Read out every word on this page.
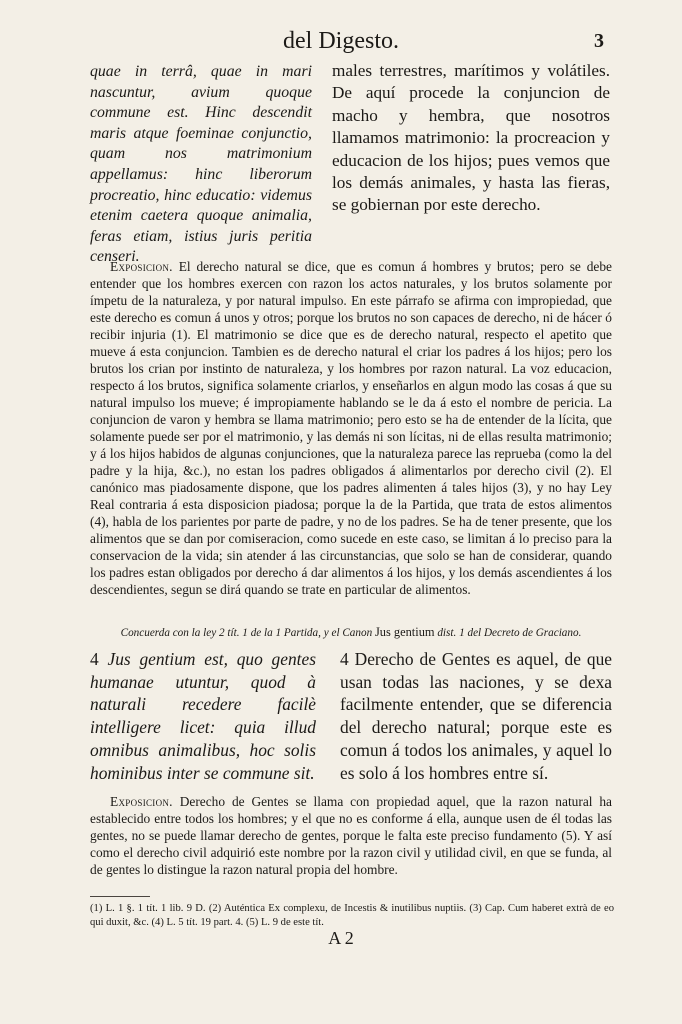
del Digesto.	3

quae in terrâ, quae in mari nascuntur, avium quoque commune est. Hinc descendit maris atque foeminae conjunctio, quam nos matrimonium appellamus: hinc liberorum procreatio, hinc educatio: videmus etenim caetera quoque animalia, feras etiam, istius juris peritia censeri.

males terrestres, marítimos y volátiles. De aquí procede la conjuncion de macho y hembra, que nosotros llamamos matrimonio: la procreacion y educacion de los hijos; pues vemos que los demás animales, y hasta las fieras, se gobiernan por este derecho.

Exposicion. El derecho natural se dice, que es comun á hombres y brutos; pero se debe entender que los hombres exercen con razon los actos naturales, y los brutos solamente por ímpetu de la naturaleza, y por natural impulso. En este párrafo se afirma con impropiedad, que este derecho es comun á unos y otros; porque los brutos no son capaces de derecho, ni de hácer ó recibir injuria (1). El matrimonio se dice que es de derecho natural, respecto el apetito que mueve á esta conjuncion. Tambien es de derecho natural el criar los padres á los hijos; pero los brutos los crian por instinto de naturaleza, y los hombres por razon natural. La voz educacion, respecto á los brutos, significa solamente criarlos, y enseñarlos en algun modo las cosas á que su natural impulso los mueve; é impropiamente hablando se le da á esto el nombre de pericia. La conjuncion de varon y hembra se llama matrimonio; pero esto se ha de entender de la lícita, que solamente puede ser por el matrimonio, y las demás ni son lícitas, ni de ellas resulta matrimonio; y á los hijos habidos de algunas conjunciones, que la naturaleza parece las reprueba (como la del padre y la hija, &c.), no estan los padres obligados á alimentarlos por derecho civil (2). El canónico mas piadosamente dispone, que los padres alimenten á tales hijos (3), y no hay Ley Real contraria á esta disposicion piadosa; porque la de la Partida, que trata de estos alimentos (4), habla de los parientes por parte de padre, y no de los padres. Se ha de tener presente, que los alimentos que se dan por comiseracion, como sucede en este caso, se limitan á lo preciso para la conservacion de la vida; sin atender á las circunstancias, que solo se han de considerar, quando los padres estan obligados por derecho á dar alimentos á los hijos, y los demás ascendientes á los descendientes, segun se dirá quando se trate en particular de alimentos.
Concuerda con la ley 2 tít. 1 de la 1 Partida, y el Canon Jus gentium dist. 1 del Decreto de Graciano.

4 Jus gentium est, quo gentes humanae utuntur, quod à naturali recedere facilè intelligere licet: quia illud omnibus animalibus, hoc solis hominibus inter se commune sit.

4 Derecho de Gentes es aquel, de que usan todas las naciones, y se dexa facilmente entender, que se diferencia del derecho natural; porque este es comun á todos los animales, y aquel lo es solo á los hombres entre sí.

Exposicion. Derecho de Gentes se llama con propiedad aquel, que la razon natural ha establecido entre todos los hombres; y el que no es conforme á ella, aunque usen de él todas las gentes, no se puede llamar derecho de gentes, porque le falta este preciso fundamento (5). Y así como el derecho civil adquirió este nombre por la razon civil y utilidad civil, en que se funda, al de gentes lo distingue la razon natural propia del hombre.
(1) L. 1 §. 1 tít. 1 lib. 9 D. (2) Auténtica Ex complexu, de Incestis & inutilibus nuptiis. (3) Cap. Cum haberet extrà de eo qui duxit, &c. (4) L. 5 tít. 19 part. 4. (5) L. 9 de este tít.
A 2
